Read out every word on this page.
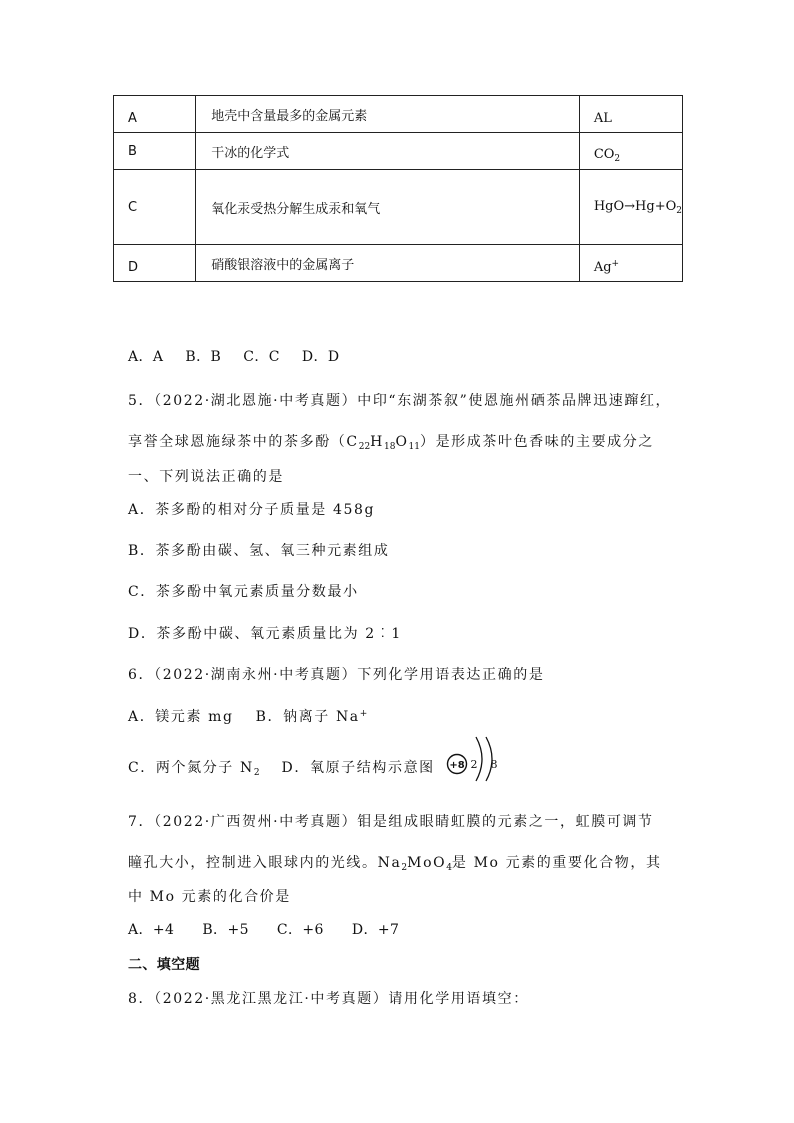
A	地壳中含量最多的金属元素	AL
B	干冰的化学式	$CO_2$
C	氧化汞受热分解生成汞和氧气	$HgO\to Hg+O_2$
D	硝酸银溶液中的金属离子	Ag+
A．A B．B C．C D．D
5．（2022·湖北恩施·中考真题）中印“东湖茶叙”使恩施州硒茶品牌迅速蹿红，
享誉全球恩施绿茶中的茶多酚$(C_{22}H_{18}O_{11})$是形成茶叶色香味的主要成分之
一、下列说法正确的是
A．茶多酚的相对分子质量是 458g
B．茶多酚由碳、氢、氧三种元素组成
C．茶多酚中氧元素质量分数最小
D．茶多酚中碳、氧元素质量比为 2︰1
6．（2022·湖南永州·中考真题）下列化学用语表达正确的是
A．镁元素 mg B．钠离子 Na+
C．两个氮分子 $N_2$ D．氧原子结构示意图 +8 2 8
7．（2022·广西贺州·中考真题）钼是组成眼睛虹膜的元素之一，虹膜可调节
瞳孔大小，控制进入眼球内的光线。$Na_2MoO_4$是 Mo 元素的重要化合物，其
中 Mo 元素的化合价是
A．+4 B．+5 C．+6 D．+7
二、填空题
8．（2022·黑龙江黑龙江·中考真题）请用化学用语填空：
